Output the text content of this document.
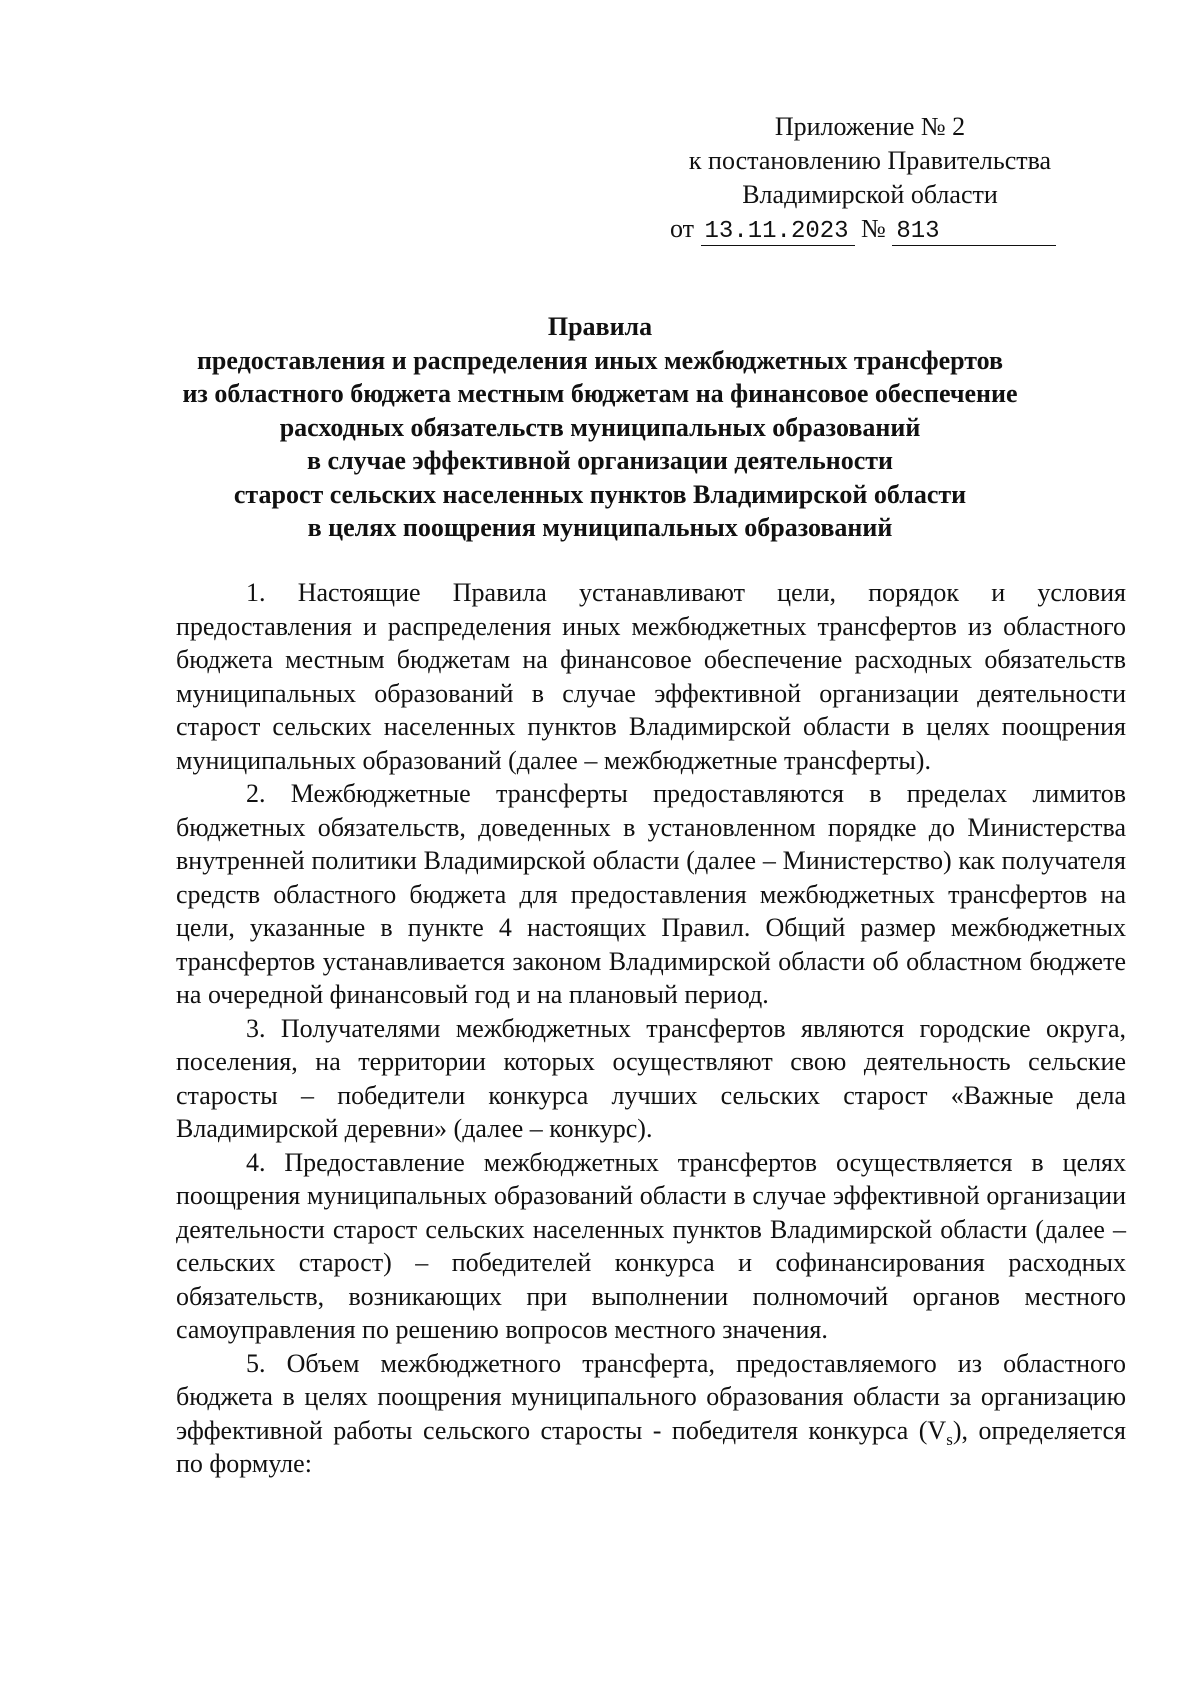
Приложение № 2
к постановлению Правительства
Владимирской области
от 13.11.2023 № 813
Правила
предоставления и распределения иных межбюджетных трансфертов
из областного бюджета местным бюджетам на финансовое обеспечение
расходных обязательств муниципальных образований
в случае эффективной организации деятельности
старост сельских населенных пунктов Владимирской области
в целях поощрения муниципальных образований

1. Настоящие Правила устанавливают цели, порядок и условия предоставления и распределения иных межбюджетных трансфертов из областного бюджета местным бюджетам на финансовое обеспечение расходных обязательств муниципальных образований в случае эффективной организации деятельности старост сельских населенных пунктов Владимирской области в целях поощрения муниципальных образований (далее – межбюджетные трансферты).

2. Межбюджетные трансферты предоставляются в пределах лимитов бюджетных обязательств, доведенных в установленном порядке до Министерства внутренней политики Владимирской области (далее – Министерство) как получателя средств областного бюджета для предоставления межбюджетных трансфертов на цели, указанные в пункте 4 настоящих Правил. Общий размер межбюджетных трансфертов устанавливается законом Владимирской области об областном бюджете на очередной финансовый год и на плановый период.

3. Получателями межбюджетных трансфертов являются городские округа, поселения, на территории которых осуществляют свою деятельность сельские старосты – победители конкурса лучших сельских старост «Важные дела Владимирской деревни» (далее – конкурс).

4. Предоставление межбюджетных трансфертов осуществляется в целях поощрения муниципальных образований области в случае эффективной организации деятельности старост сельских населенных пунктов Владимирской области (далее – сельских старост) – победителей конкурса и софинансирования расходных обязательств, возникающих при выполнении полномочий органов местного самоуправления по решению вопросов местного значения.

5. Объем межбюджетного трансферта, предоставляемого из областного бюджета в целях поощрения муниципального образования области за организацию эффективной работы сельского старосты - победителя конкурса $(V_s)$, определяется по формуле:
